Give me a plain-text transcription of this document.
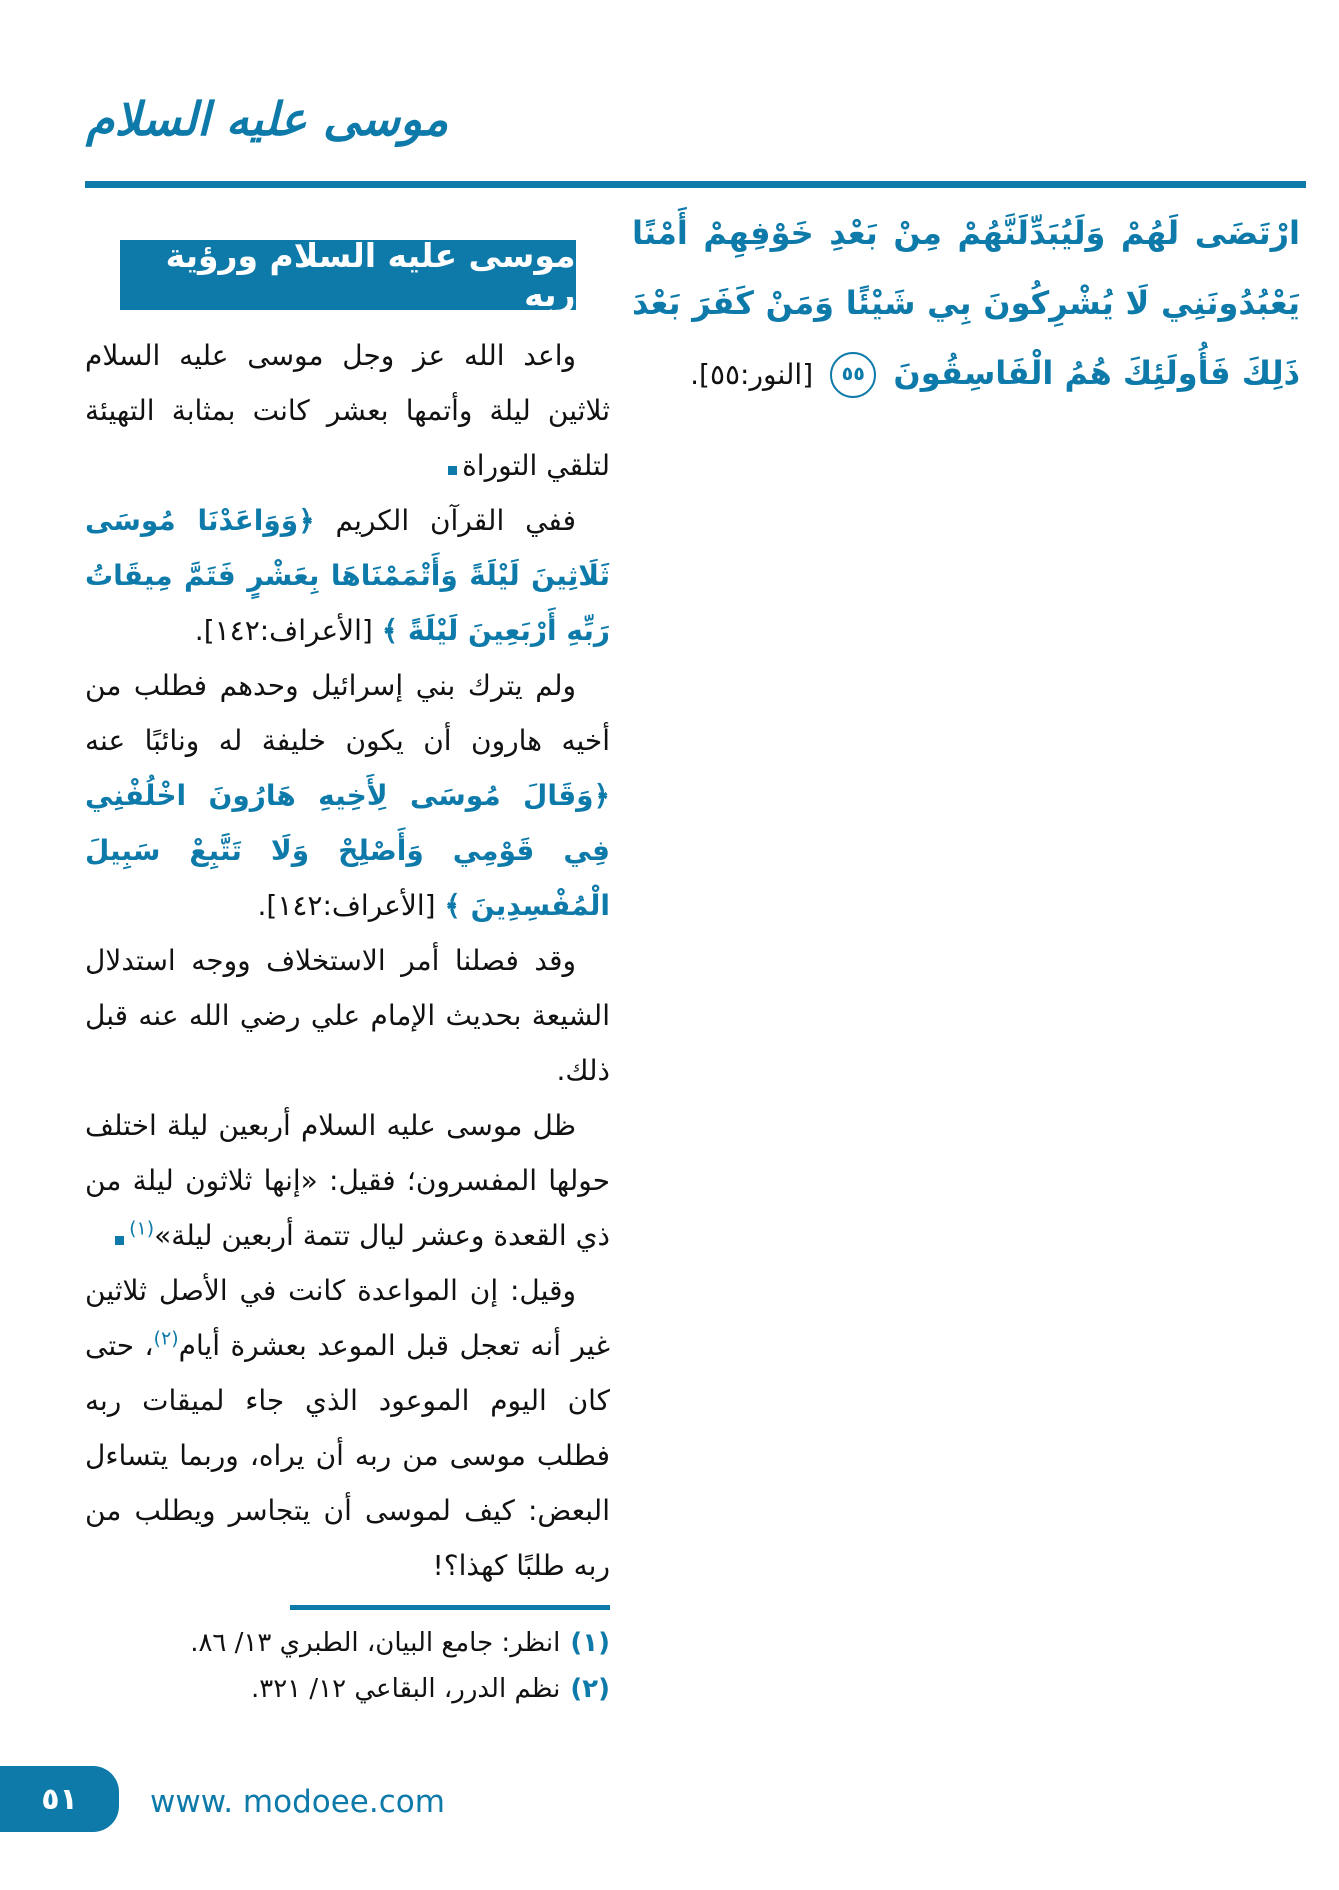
موسى عليه السلام
ارْتَضَى لَهُمْ وَلَيُبَدِّلَنَّهُمْ مِنْ بَعْدِ خَوْفِهِمْ أَمْنًا يَعْبُدُونَنِي لَا يُشْرِكُونَ بِي شَيْئًا وَمَنْ كَفَرَ بَعْدَ ذَلِكَ فَأُولَئِكَ هُمُ الْفَاسِقُونَ ٥٥ [النور:٥٥].
موسى عليه السلام ورؤية ربه

واعد الله عز وجل موسى عليه السلام ثلاثين ليلة وأتمها بعشر كانت بمثابة التهيئة لتلقي التوراة

ففي القرآن الكريم ﴿وَوَاعَدْنَا مُوسَى ثَلَاثِينَ لَيْلَةً وَأَتْمَمْنَاهَا بِعَشْرٍ فَتَمَّ مِيقَاتُ رَبِّهِ أَرْبَعِينَ لَيْلَةً ﴾ [الأعراف:١٤٢].

ولم يترك بني إسرائيل وحدهم فطلب من أخيه هارون أن يكون خليفة له ونائبًا عنه ﴿وَقَالَ مُوسَى لِأَخِيهِ هَارُونَ اخْلُفْنِي فِي قَوْمِي وَأَصْلِحْ وَلَا تَتَّبِعْ سَبِيلَ الْمُفْسِدِينَ ﴾ [الأعراف:١٤٢].

وقد فصلنا أمر الاستخلاف ووجه استدلال الشيعة بحديث الإمام علي رضي الله عنه قبل ذلك.

ظل موسى عليه السلام أربعين ليلة اختلف حولها المفسرون؛ فقيل: «إنها ثلاثون ليلة من ذي القعدة وعشر ليال تتمة أربعين ليلة»$^{(١)}$

وقيل: إن المواعدة كانت في الأصل ثلاثين غير أنه تعجل قبل الموعد بعشرة أيام$^{(٢)}$، حتى كان اليوم الموعود الذي جاء لميقات ربه فطلب موسى من ربه أن يراه، وربما يتساءل البعض: كيف لموسى أن يتجاسر ويطلب من ربه طلبًا كهذا؟!

(١)انظر: جامع البيان، الطبري ١٣/ ٨٦.
(٢)نظم الدرر، البقاعي ١٢/ ٣٢١.
٥١ www. modoee.com
